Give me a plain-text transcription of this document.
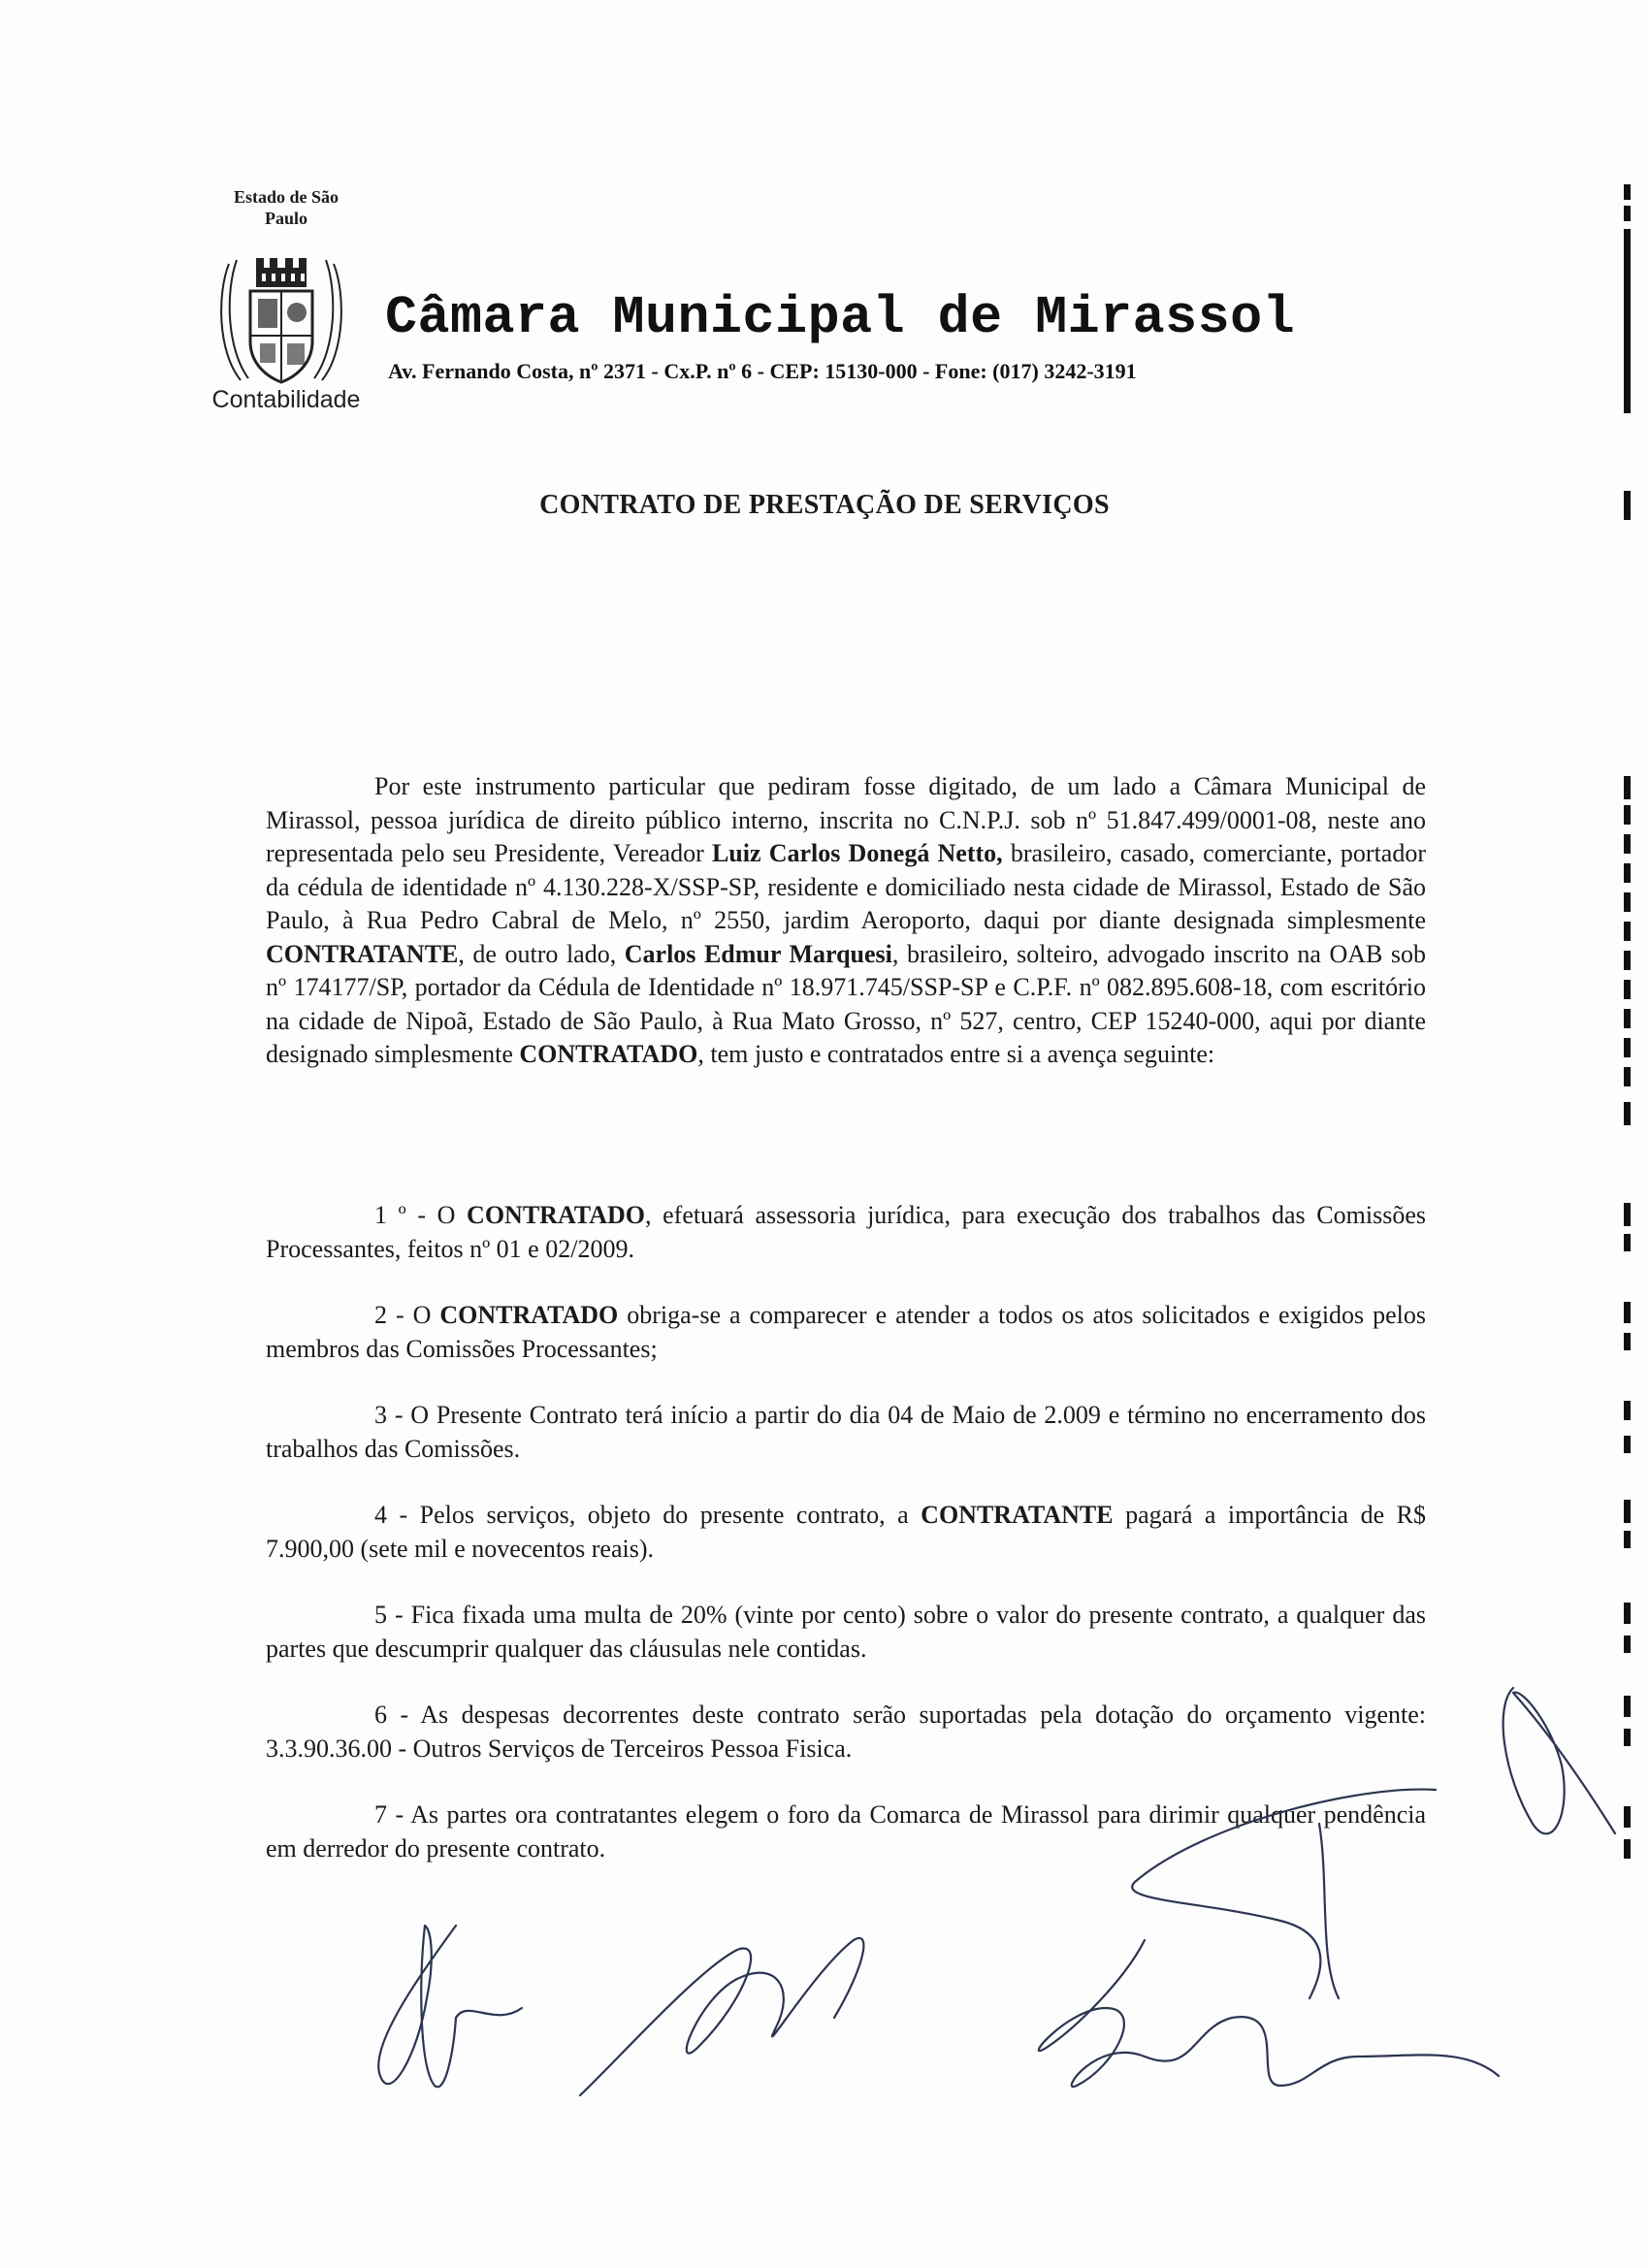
Estado de São
Paulo
Contabilidade
Câmara Municipal de Mirassol
Av. Fernando Costa, nº 2371 - Cx.P. nº 6 - CEP: 15130-000 - Fone: (017) 3242-3191
CONTRATO DE PRESTAÇÃO DE SERVIÇOS

Por este instrumento particular que pediram fosse digitado, de um lado a Câmara Municipal de Mirassol, pessoa jurídica de direito público interno, inscrita no C.N.P.J. sob nº 51.847.499/0001-08, neste ano representada pelo seu Presidente, Vereador Luiz Carlos Donegá Netto, brasileiro, casado, comerciante, portador da cédula de identidade nº 4.130.228-X/SSP-SP, residente e domiciliado nesta cidade de Mirassol, Estado de São Paulo, à Rua Pedro Cabral de Melo, nº 2550, jardim Aeroporto, daqui por diante designada simplesmente CONTRATANTE, de outro lado, Carlos Edmur Marquesi, brasileiro, solteiro, advogado inscrito na OAB sob nº 174177/SP, portador da Cédula de Identidade nº 18.971.745/SSP-SP e C.P.F. nº 082.895.608-18, com escritório na cidade de Nipoã, Estado de São Paulo, à Rua Mato Grosso, nº 527, centro, CEP 15240-000, aqui por diante designado simplesmente CONTRATADO, tem justo e contratados entre si a avença seguinte:

1 º - O CONTRATADO, efetuará assessoria jurídica, para execução dos trabalhos das Comissões Processantes, feitos nº 01 e 02/2009.

2 - O CONTRATADO obriga-se a comparecer e atender a todos os atos solicitados e exigidos pelos membros das Comissões Processantes;

3 - O Presente Contrato terá início a partir do dia 04 de Maio de 2.009 e término no encerramento dos trabalhos das Comissões.

4 - Pelos serviços, objeto do presente contrato, a CONTRATANTE pagará a importância de R$ 7.900,00 (sete mil e novecentos reais).

5 - Fica fixada uma multa de 20% (vinte por cento) sobre o valor do presente contrato, a qualquer das partes que descumprir qualquer das cláusulas nele contidas.

6 - As despesas decorrentes deste contrato serão suportadas pela dotação do orçamento vigente: 3.3.90.36.00 - Outros Serviços de Terceiros Pessoa Fisica.

7 - As partes ora contratantes elegem o foro da Comarca de Mirassol para dirimir qualquer pendência em derredor do presente contrato.
